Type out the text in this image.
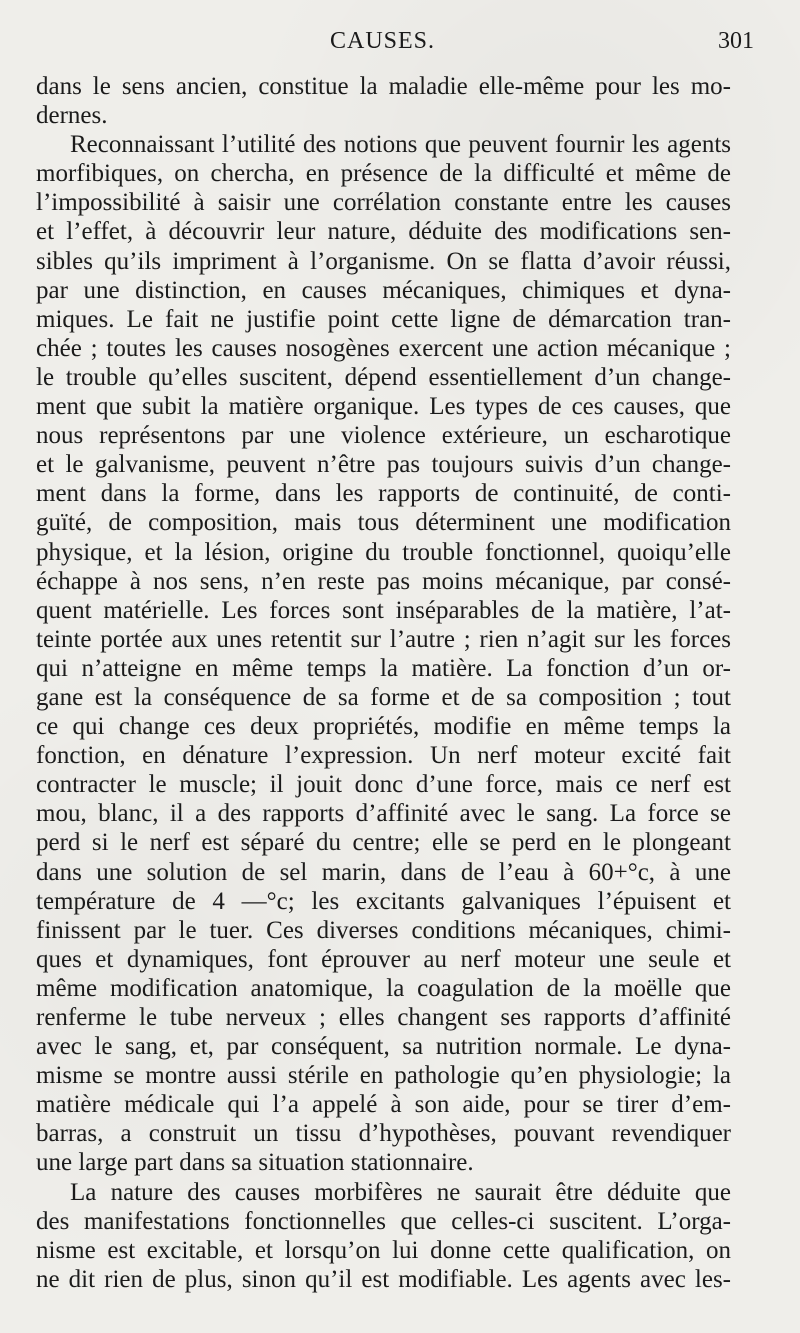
CAUSES.	301
dans le sens ancien, constitue la maladie elle-même pour les mo-
dernes.
Reconnaissant l’utilité des notions que peuvent fournir les agents
morfibiques, on chercha, en présence de la difficulté et même de
l’impossibilité à saisir une corrélation constante entre les causes
et l’effet, à découvrir leur nature, déduite des modifications sen-
sibles qu’ils impriment à l’organisme. On se flatta d’avoir réussi,
par une distinction, en causes mécaniques, chimiques et dyna-
miques. Le fait ne justifie point cette ligne de démarcation tran-
chée ; toutes les causes nosogènes exercent une action mécanique ;
le trouble qu’elles suscitent, dépend essentiellement d’un change-
ment que subit la matière organique. Les types de ces causes, que
nous représentons par une violence extérieure, un escharotique
et le galvanisme, peuvent n’être pas toujours suivis d’un change-
ment dans la forme, dans les rapports de continuité, de conti-
guïté, de composition, mais tous déterminent une modification
physique, et la lésion, origine du trouble fonctionnel, quoiqu’elle
échappe à nos sens, n’en reste pas moins mécanique, par consé-
quent matérielle. Les forces sont inséparables de la matière, l’at-
teinte portée aux unes retentit sur l’autre ; rien n’agit sur les forces
qui n’atteigne en même temps la matière. La fonction d’un or-
gane est la conséquence de sa forme et de sa composition ; tout
ce qui change ces deux propriétés, modifie en même temps la
fonction, en dénature l’expression. Un nerf moteur excité fait
contracter le muscle; il jouit donc d’une force, mais ce nerf est
mou, blanc, il a des rapports d’affinité avec le sang. La force se
perd si le nerf est séparé du centre; elle se perd en le plongeant
dans une solution de sel marin, dans de l’eau à 60+°c, à une
température de 4 —°c; les excitants galvaniques l’épuisent et
finissent par le tuer. Ces diverses conditions mécaniques, chimi-
ques et dynamiques, font éprouver au nerf moteur une seule et
même modification anatomique, la coagulation de la moëlle que
renferme le tube nerveux ; elles changent ses rapports d’affinité
avec le sang, et, par conséquent, sa nutrition normale. Le dyna-
misme se montre aussi stérile en pathologie qu’en physiologie; la
matière médicale qui l’a appelé à son aide, pour se tirer d’em-
barras, a construit un tissu d’hypothèses, pouvant revendiquer
une large part dans sa situation stationnaire.
La nature des causes morbifères ne saurait être déduite que
des manifestations fonctionnelles que celles-ci suscitent. L’orga-
nisme est excitable, et lorsqu’on lui donne cette qualification, on
ne dit rien de plus, sinon qu’il est modifiable. Les agents avec les-
